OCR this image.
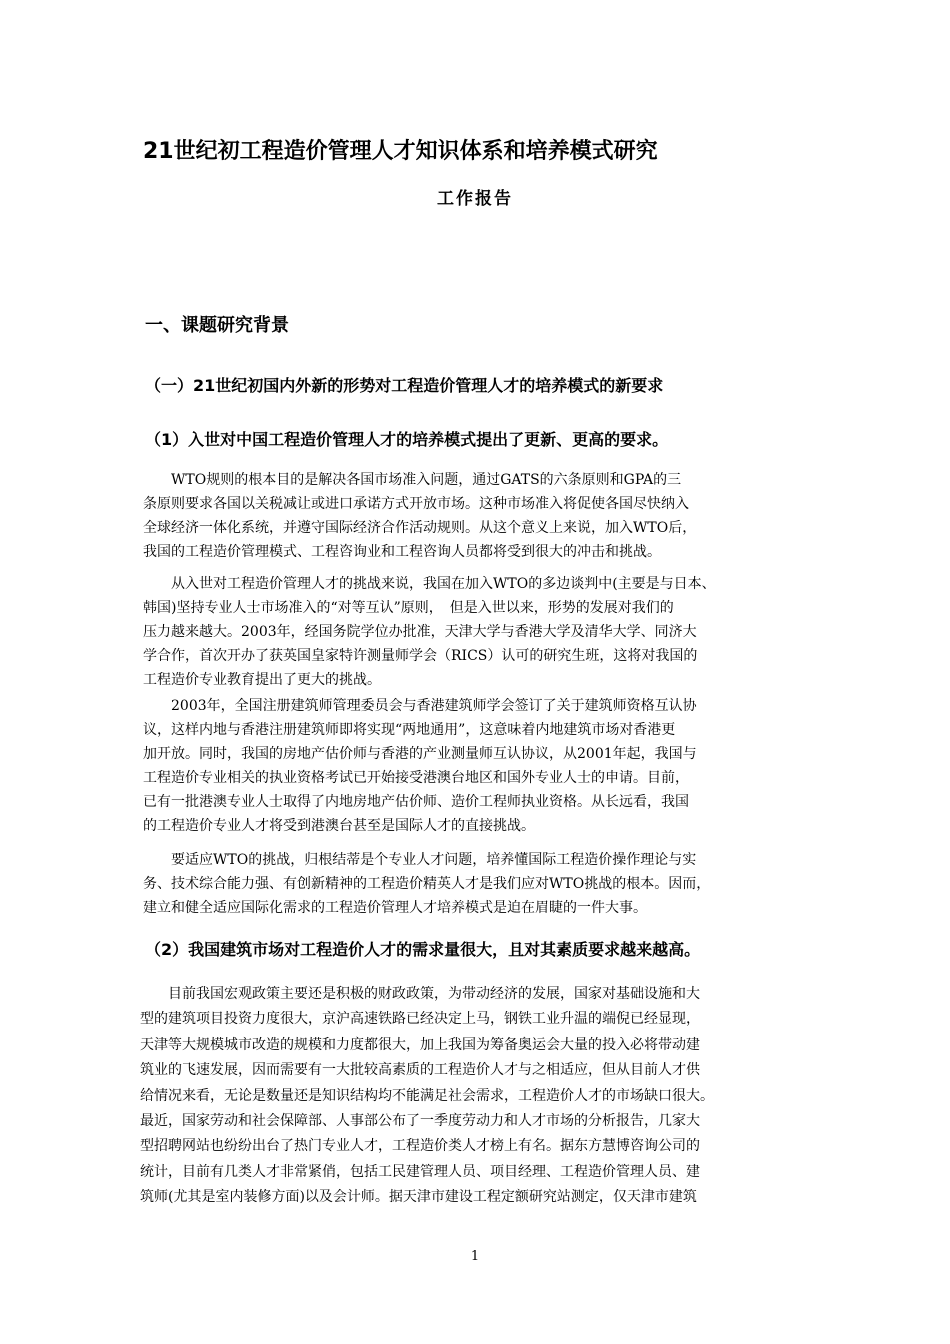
21世纪初工程造价管理人才知识体系和培养模式研究
工作报告
一、课题研究背景
（一）21世纪初国内外新的形势对工程造价管理人才的培养模式的新要求
（1）入世对中国工程造价管理人才的培养模式提出了更新、更高的要求。
　　WTO规则的根本目的是解决各国市场准入问题，通过GATS的六条原则和GPA的三
条原则要求各国以关税减让或进口承诺方式开放市场。这种市场准入将促使各国尽快纳入
全球经济一体化系统，并遵守国际经济合作活动规则。从这个意义上来说，加入WTO后，
我国的工程造价管理模式、工程咨询业和工程咨询人员都将受到很大的冲击和挑战。
　　从入世对工程造价管理人才的挑战来说，我国在加入WTO的多边谈判中(主要是与日本、
韩国)坚持专业人士市场准入的“对等互认”原则，　但是入世以来，形势的发展对我们的
压力越来越大。2003年，经国务院学位办批准，天津大学与香港大学及清华大学、同济大
学合作，首次开办了获英国皇家特许测量师学会（RICS）认可的研究生班，这将对我国的
工程造价专业教育提出了更大的挑战。
　　2003年，全国注册建筑师管理委员会与香港建筑师学会签订了关于建筑师资格互认协
议，这样内地与香港注册建筑师即将实现“两地通用”，这意味着内地建筑市场对香港更
加开放。同时，我国的房地产估价师与香港的产业测量师互认协议，从2001年起，我国与
工程造价专业相关的执业资格考试已开始接受港澳台地区和国外专业人士的申请。目前，
已有一批港澳专业人士取得了内地房地产估价师、造价工程师执业资格。从长远看，我国
的工程造价专业人才将受到港澳台甚至是国际人才的直接挑战。
　　要适应WTO的挑战，归根结蒂是个专业人才问题，培养懂国际工程造价操作理论与实
务、技术综合能力强、有创新精神的工程造价精英人才是我们应对WTO挑战的根本。因而，
建立和健全适应国际化需求的工程造价管理人才培养模式是迫在眉睫的一件大事。
（2）我国建筑市场对工程造价人才的需求量很大，且对其素质要求越来越高。
　　目前我国宏观政策主要还是积极的财政政策，为带动经济的发展，国家对基础设施和大
型的建筑项目投资力度很大，京沪高速铁路已经决定上马，钢铁工业升温的端倪已经显现，
天津等大规模城市改造的规模和力度都很大，加上我国为筹备奥运会大量的投入必将带动建
筑业的飞速发展，因而需要有一大批较高素质的工程造价人才与之相适应，但从目前人才供
给情况来看，无论是数量还是知识结构均不能满足社会需求，工程造价人才的市场缺口很大。
最近，国家劳动和社会保障部、人事部公布了一季度劳动力和人才市场的分析报告，几家大
型招聘网站也纷纷出台了热门专业人才，工程造价类人才榜上有名。据东方慧博咨询公司的
统计，目前有几类人才非常紧俏，包括工民建管理人员、项目经理、工程造价管理人员、建
筑师(尤其是室内装修方面)以及会计师。据天津市建设工程定额研究站测定，仅天津市建筑

1
